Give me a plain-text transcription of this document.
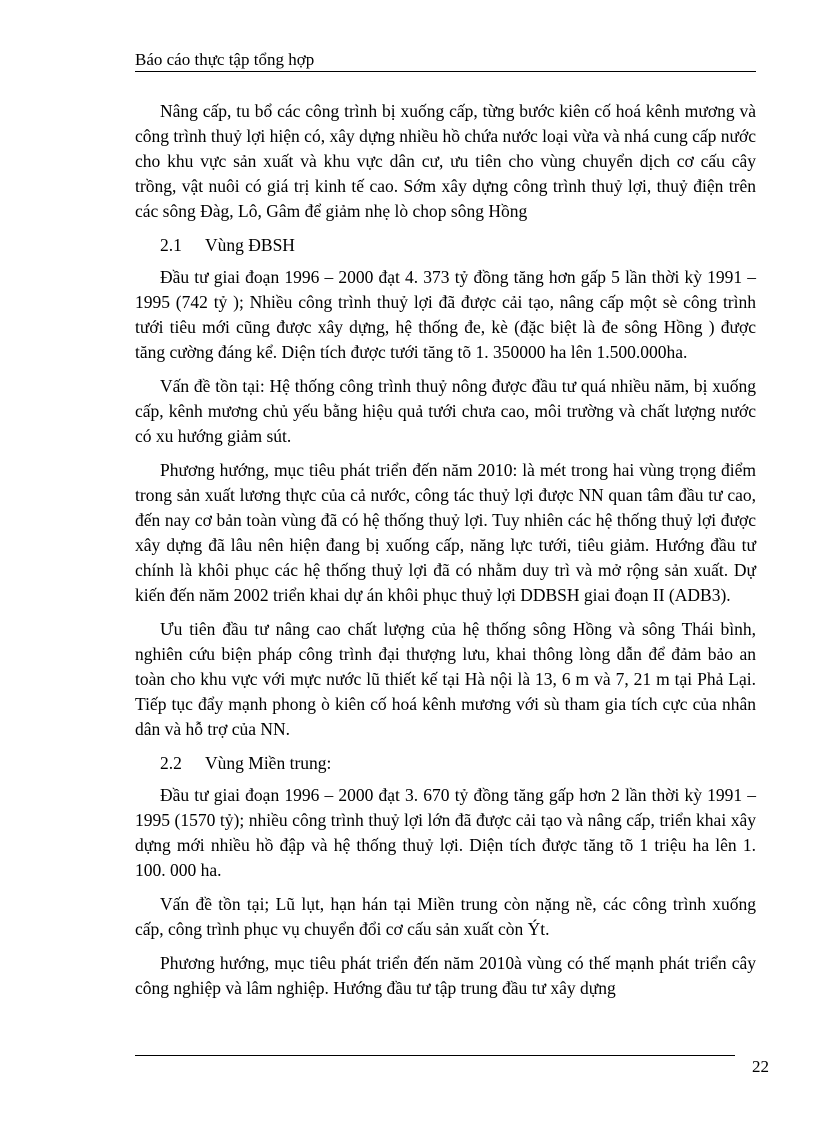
Báo cáo thực tập tổng hợp

Nâng cấp, tu bổ các công trình bị xuống cấp, từng bước kiên cố hoá kênh mương và công trình thuỷ lợi hiện có, xây dựng nhiều hồ chứa nước loại vừa và nhá cung cấp nước cho khu vực sản xuất và khu vực dân cư, ưu tiên cho vùng chuyển dịch cơ cấu cây trồng, vật nuôi có giá trị kinh tế cao. Sớm xây dựng công trình thuỷ lợi, thuỷ điện trên các sông Đàg, Lô, Gâm để giảm nhẹ lò chop sông Hồng

2.1 Vùng ĐBSH

Đầu tư giai đoạn 1996 – 2000 đạt 4. 373 tỷ đồng tăng hơn gấp 5 lần thời kỳ 1991 – 1995 (742 tỷ ); Nhiều công trình thuỷ lợi đã được cải tạo, nâng cấp một sè công trình tưới tiêu mới cũng được xây dựng, hệ thống đe, kè (đặc biệt là đe sông Hồng ) được tăng cường đáng kể. Diện tích được tưới tăng tõ 1. 350000 ha lên 1.500.000ha.

Vấn đề tồn tại: Hệ thống công trình thuỷ nông được đầu tư quá nhiều năm, bị xuống cấp, kênh mương chủ yếu bằng hiệu quả tưới chưa cao, môi trường và chất lượng nước có xu hướng giảm sút.

Phương hướng, mục tiêu phát triển đến năm 2010: là mét trong hai vùng trọng điểm trong sản xuất lương thực của cả nước, công tác thuỷ lợi được NN quan tâm đầu tư cao, đến nay cơ bản toàn vùng đã có hệ thống thuỷ lợi. Tuy nhiên các hệ thống thuỷ lợi được xây dựng đã lâu nên hiện đang bị xuống cấp, năng lực tưới, tiêu giảm. Hướng đầu tư chính là khôi phục các hệ thống thuỷ lợi đã có nhằm duy trì và mở rộng sản xuất. Dự kiến đến năm 2002 triển khai dự án khôi phục thuỷ lợi DDBSH giai đoạn II (ADB3).

Ưu tiên đầu tư nâng cao chất lượng của hệ thống sông Hồng và sông Thái bình, nghiên cứu biện pháp công trình đại thượng lưu, khai thông lòng dẫn để đảm bảo an toàn cho khu vực với mực nước lũ thiết kế tại Hà nội là 13, 6 m và 7, 21 m tại Phả Lại. Tiếp tục đẩy mạnh phong ò kiên cố hoá kênh mương với sù tham gia tích cực của nhân dân và hỗ trợ của NN.

2.2 Vùng Miền trung:

Đầu tư giai đoạn 1996 – 2000 đạt 3. 670 tỷ đồng tăng gấp hơn 2 lần thời kỳ 1991 – 1995 (1570 tỷ); nhiều công trình thuỷ lợi lớn đã được cải tạo và nâng cấp, triển khai xây dựng mới nhiều hồ đập và hệ thống thuỷ lợi. Diện tích được tăng tõ 1 triệu ha lên 1. 100. 000 ha.

Vấn đề tồn tại; Lũ lụt, hạn hán tại Miền trung còn nặng nề, các công trình xuống cấp, công trình phục vụ chuyển đổi cơ cấu sản xuất còn Ýt.

Phương hướng, mục tiêu phát triển đến năm 2010à vùng có thế mạnh phát triển cây công nghiệp và lâm nghiệp. Hướng đầu tư tập trung đầu tư xây dựng

22
